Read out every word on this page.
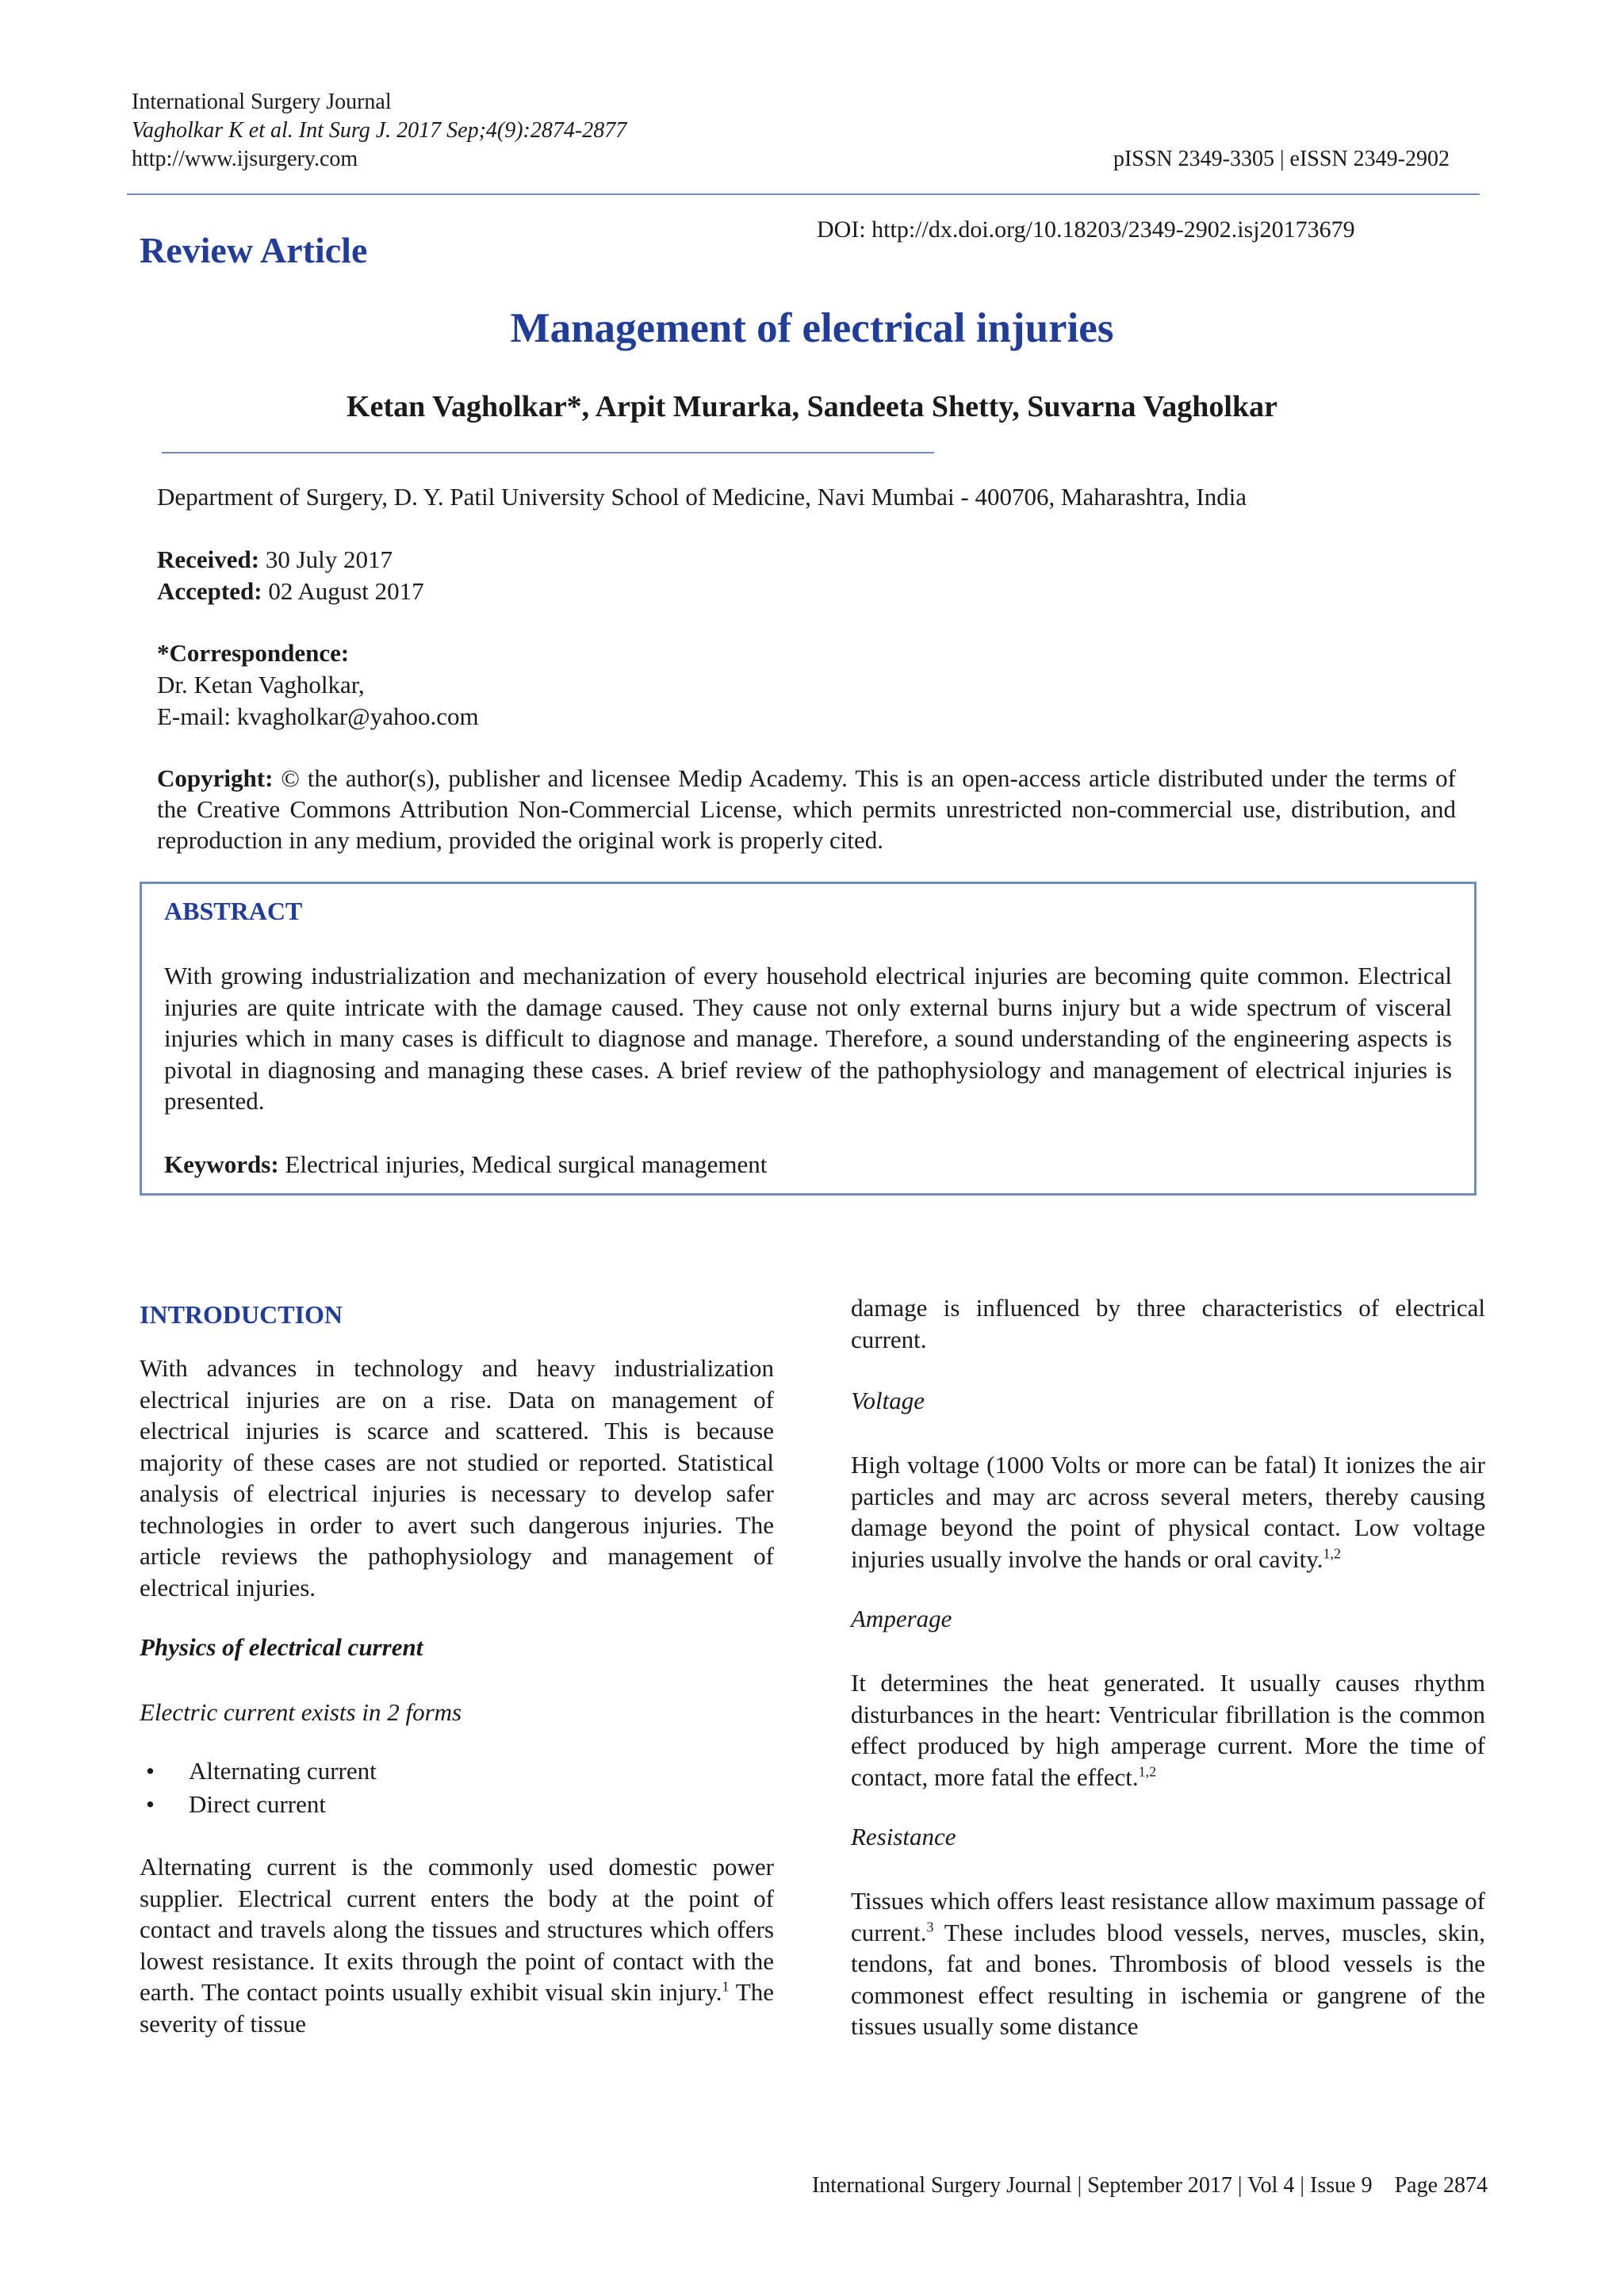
International Surgery Journal
Vagholkar K et al. Int Surg J. 2017 Sep;4(9):2874-2877
http://www.ijsurgery.com	pISSN 2349-3305 | eISSN 2349-2902
Review Article
DOI: http://dx.doi.org/10.18203/2349-2902.isj20173679
Management of electrical injuries
Ketan Vagholkar*, Arpit Murarka, Sandeeta Shetty, Suvarna Vagholkar
Department of Surgery, D. Y. Patil University School of Medicine, Navi Mumbai - 400706, Maharashtra, India
Received: 30 July 2017
Accepted: 02 August 2017
*Correspondence:
Dr. Ketan Vagholkar,
E-mail: kvagholkar@yahoo.com
Copyright: © the author(s), publisher and licensee Medip Academy. This is an open-access article distributed under the terms of the Creative Commons Attribution Non-Commercial License, which permits unrestricted non-commercial use, distribution, and reproduction in any medium, provided the original work is properly cited.
ABSTRACT
With growing industrialization and mechanization of every household electrical injuries are becoming quite common. Electrical injuries are quite intricate with the damage caused. They cause not only external burns injury but a wide spectrum of visceral injuries which in many cases is difficult to diagnose and manage. Therefore, a sound understanding of the engineering aspects is pivotal in diagnosing and managing these cases. A brief review of the pathophysiology and management of electrical injuries is presented.
Keywords: Electrical injuries, Medical surgical management
INTRODUCTION
With advances in technology and heavy industrialization electrical injuries are on a rise. Data on management of electrical injuries is scarce and scattered. This is because majority of these cases are not studied or reported. Statistical analysis of electrical injuries is necessary to develop safer technologies in order to avert such dangerous injuries. The article reviews the pathophysiology and management of electrical injuries.
Physics of electrical current
Electric current exists in 2 forms
• Alternating current
• Direct current
Alternating current is the commonly used domestic power supplier. Electrical current enters the body at the point of contact and travels along the tissues and structures which offers lowest resistance. It exits through the point of contact with the earth. The contact points usually exhibit visual skin injury.$^1$ The severity of tissue
damage is influenced by three characteristics of electrical current.
Voltage
High voltage (1000 Volts or more can be fatal) It ionizes the air particles and may arc across several meters, thereby causing damage beyond the point of physical contact. Low voltage injuries usually involve the hands or oral cavity.$^{1,2}$
Amperage
It determines the heat generated. It usually causes rhythm disturbances in the heart: Ventricular fibrillation is the common effect produced by high amperage current. More the time of contact, more fatal the effect.$^{1,2}$
Resistance
Tissues which offers least resistance allow maximum passage of current.$^3$ These includes blood vessels, nerves, muscles, skin, tendons, fat and bones. Thrombosis of blood vessels is the commonest effect resulting in ischemia or gangrene of the tissues usually some distance
International Surgery Journal | September 2017 | Vol 4 | Issue 9    Page 2874
